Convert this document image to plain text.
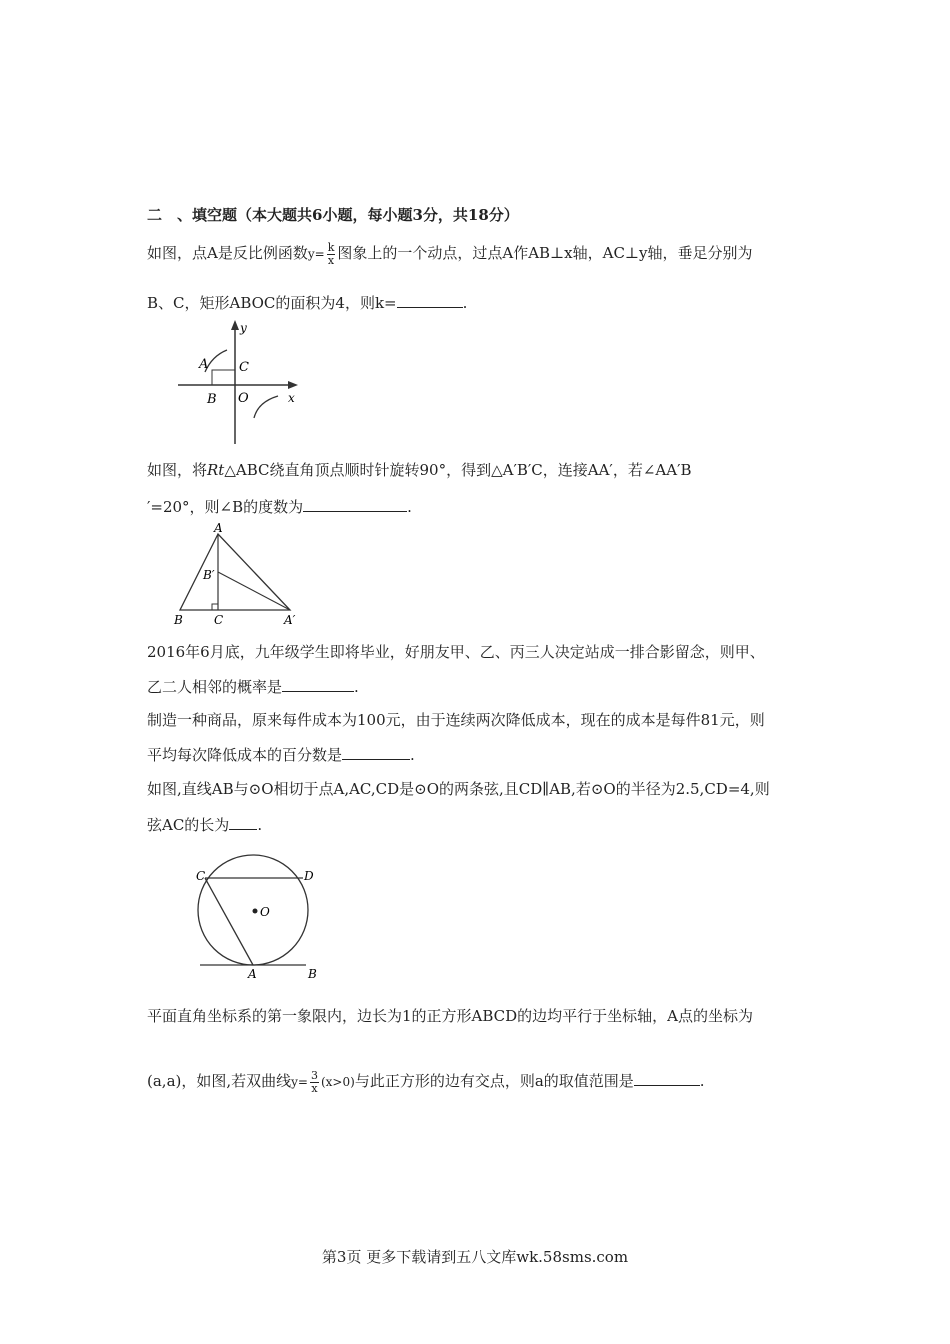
二　、填空题（本大题共6小题，每小题3分，共18分）
如图，点A是反比例函数$y= \frac{k}{x}$ 图象上的一个动点，过点A作AB⊥x轴，AC⊥y轴，垂足分别为
B、C，矩形ABOC的面积为4，则k=	.
y
x
A C
B O
如图，将Rt△ABC绕直角顶点顺时针旋转90°，得到△A′B′C，连接AA′，若∠AA′B
′=20°，则∠B的度数为	.
A
B′
B	C	A′
2016年6月底，九年级学生即将毕业，好朋友甲、乙、丙三人决定站成一排合影留念，则甲、
乙二人相邻的概率是	.
制造一种商品，原来每件成本为100元，由于连续两次降低成本，现在的成本是每件81元，则
平均每次降低成本的百分数是	.
如图,直线AB与⊙O相切于点A,AC,CD是⊙O的两条弦,且CD∥AB,若⊙O的半径为2.5,CD=4,则
弦AC的长为 .
C	D
O
A	B
平面直角坐标系的第一象限内，边长为1的正方形ABCD的边均平行于坐标轴，A点的坐标为
(a,a)，如图,若双曲线$y= \frac{3}{x} (x>0)$与此正方形的边有交点，则a的取值范围是	.
第3页 更多下载请到五八文库wk.58sms.com
